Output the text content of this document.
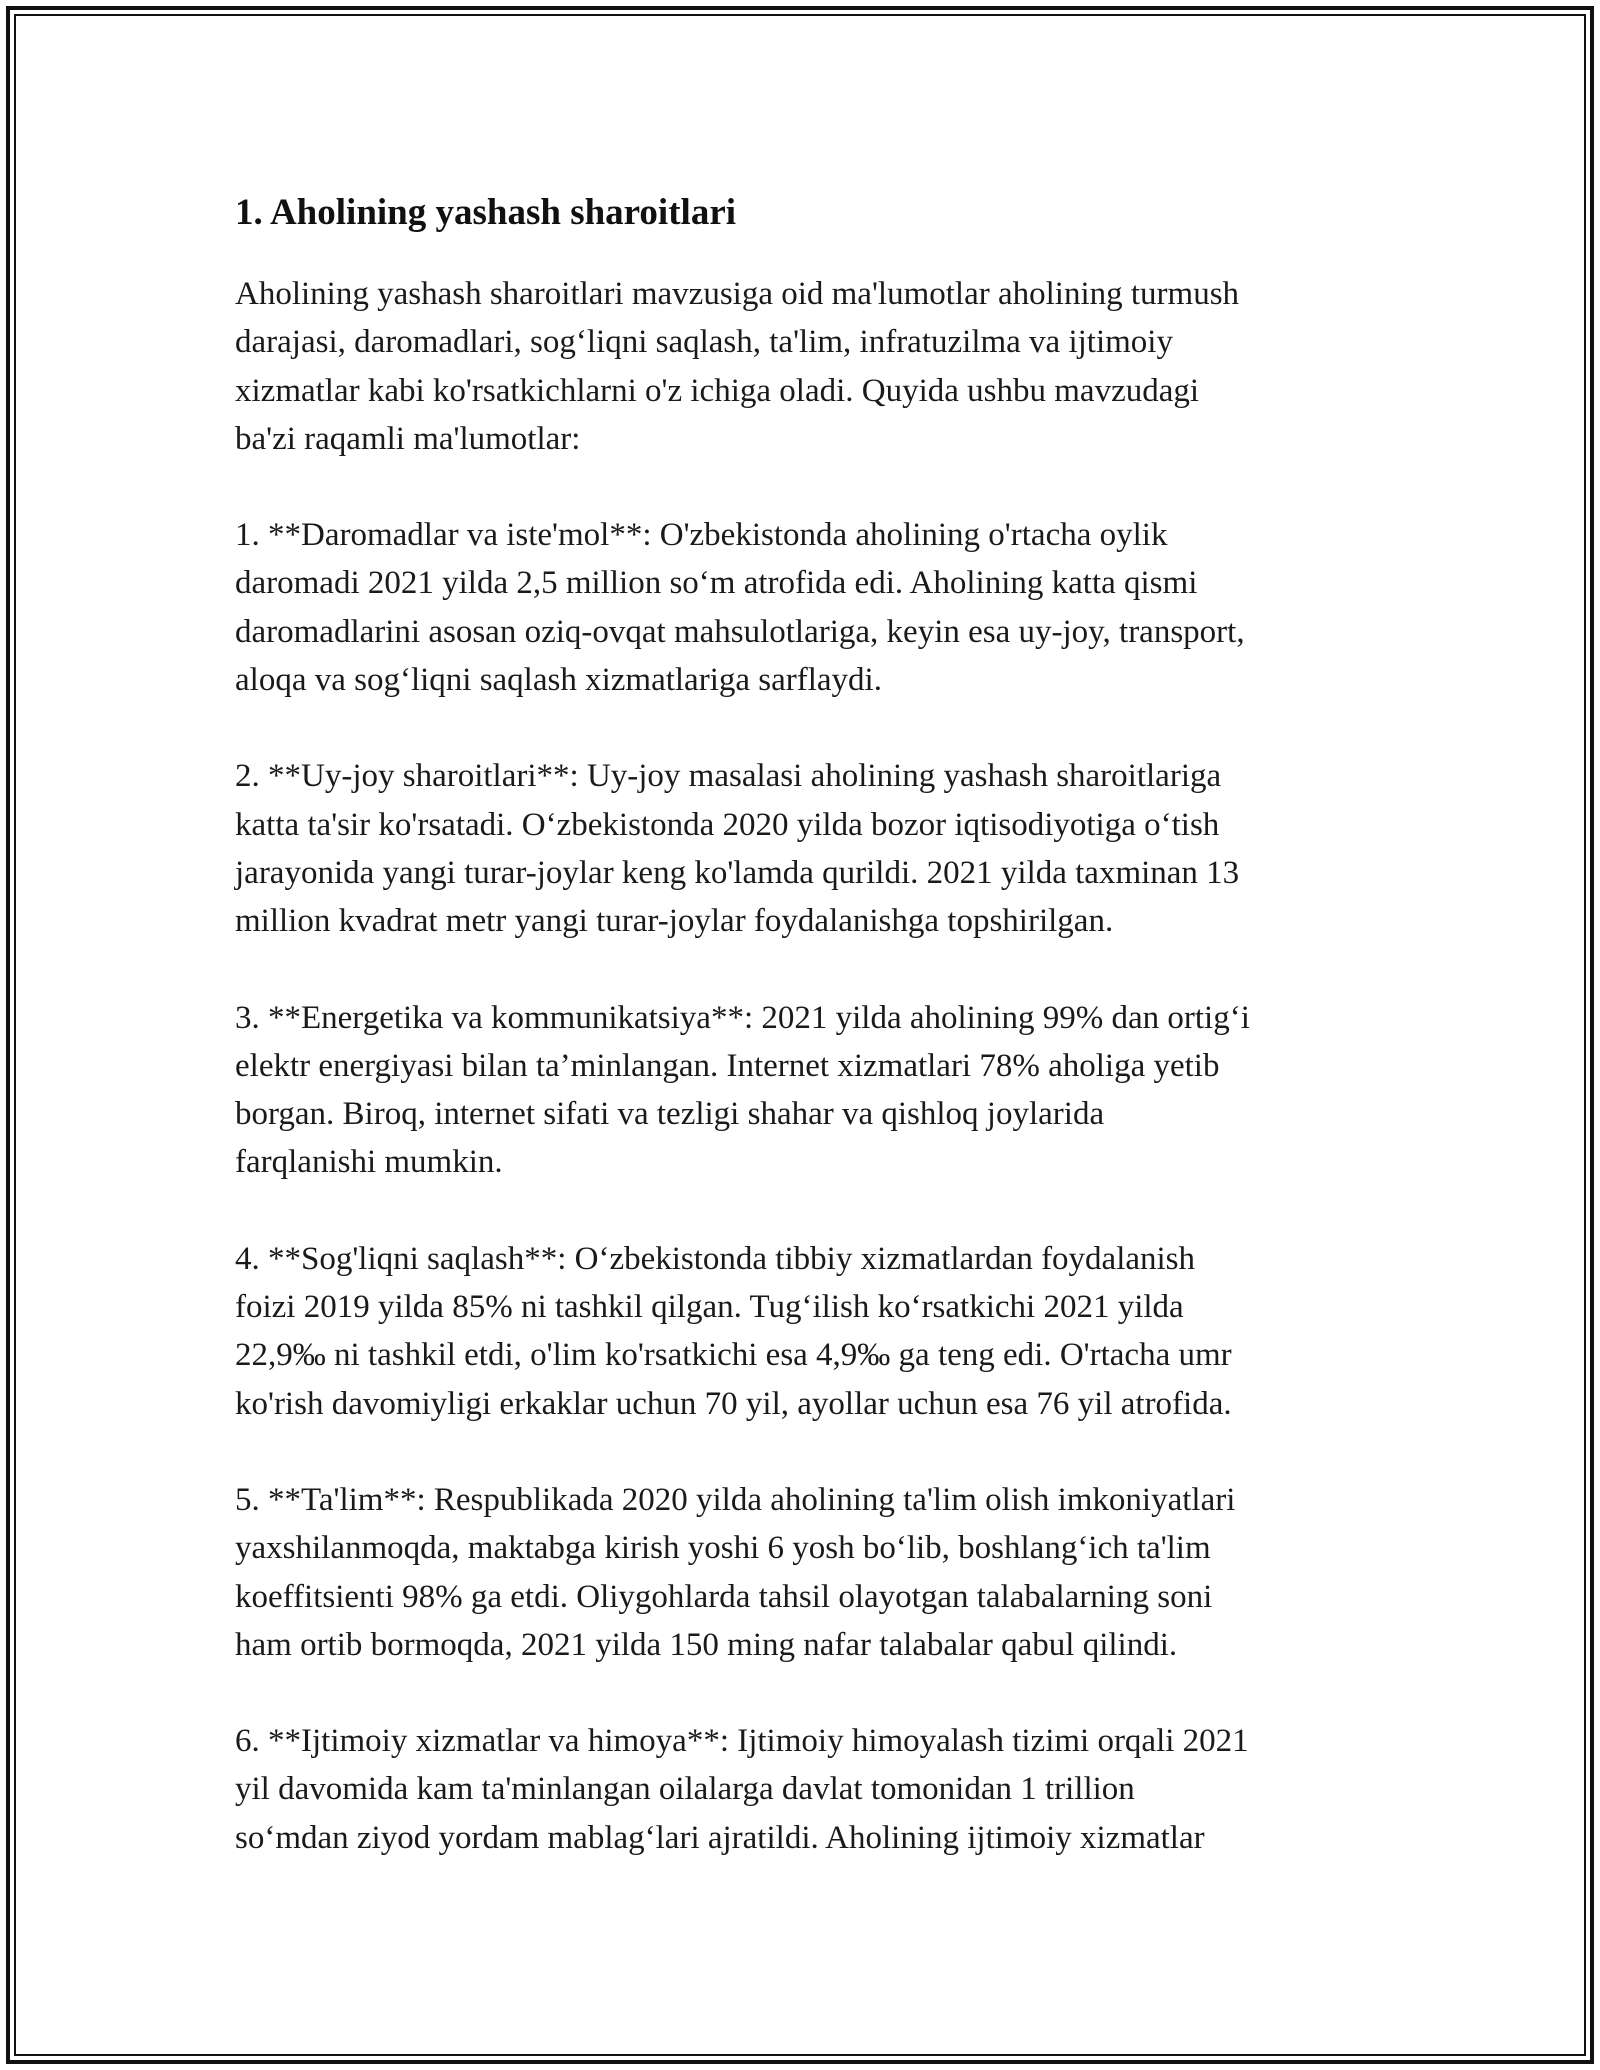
1. Aholining yashash sharoitlari

Aholining yashash sharoitlari mavzusiga oid ma'lumotlar aholining turmush
darajasi, daromadlari, sog‘liqni saqlash, ta'lim, infratuzilma va ijtimoiy
xizmatlar kabi ko'rsatkichlarni o'z ichiga oladi. Quyida ushbu mavzudagi
ba'zi raqamli ma'lumotlar:

1. **Daromadlar va iste'mol**: O'zbekistonda aholining o'rtacha oylik
daromadi 2021 yilda 2,5 million so‘m atrofida edi. Aholining katta qismi
daromadlarini asosan oziq-ovqat mahsulotlariga, keyin esa uy-joy, transport,
aloqa va sog‘liqni saqlash xizmatlariga sarflaydi.

2. **Uy-joy sharoitlari**: Uy-joy masalasi aholining yashash sharoitlariga
katta ta'sir ko'rsatadi. O‘zbekistonda 2020 yilda bozor iqtisodiyotiga o‘tish
jarayonida yangi turar-joylar keng ko'lamda qurildi. 2021 yilda taxminan 13
million kvadrat metr yangi turar-joylar foydalanishga topshirilgan.

3. **Energetika va kommunikatsiya**: 2021 yilda aholining 99% dan ortig‘i
elektr energiyasi bilan ta’minlangan. Internet xizmatlari 78% aholiga yetib
borgan. Biroq, internet sifati va tezligi shahar va qishloq joylarida
farqlanishi mumkin.

4. **Sog'liqni saqlash**: O‘zbekistonda tibbiy xizmatlardan foydalanish
foizi 2019 yilda 85% ni tashkil qilgan. Tug‘ilish ko‘rsatkichi 2021 yilda
22,9‰ ni tashkil etdi, o'lim ko'rsatkichi esa 4,9‰ ga teng edi. O'rtacha umr
ko'rish davomiyligi erkaklar uchun 70 yil, ayollar uchun esa 76 yil atrofida.

5. **Ta'lim**: Respublikada 2020 yilda aholining ta'lim olish imkoniyatlari
yaxshilanmoqda, maktabga kirish yoshi 6 yosh bo‘lib, boshlang‘ich ta'lim
koeffitsienti 98% ga etdi. Oliygohlarda tahsil olayotgan talabalarning soni
ham ortib bormoqda, 2021 yilda 150 ming nafar talabalar qabul qilindi.

6. **Ijtimoiy xizmatlar va himoya**: Ijtimoiy himoyalash tizimi orqali 2021
yil davomida kam ta'minlangan oilalarga davlat tomonidan 1 trillion
so‘mdan ziyod yordam mablag‘lari ajratildi. Aholining ijtimoiy xizmatlar
